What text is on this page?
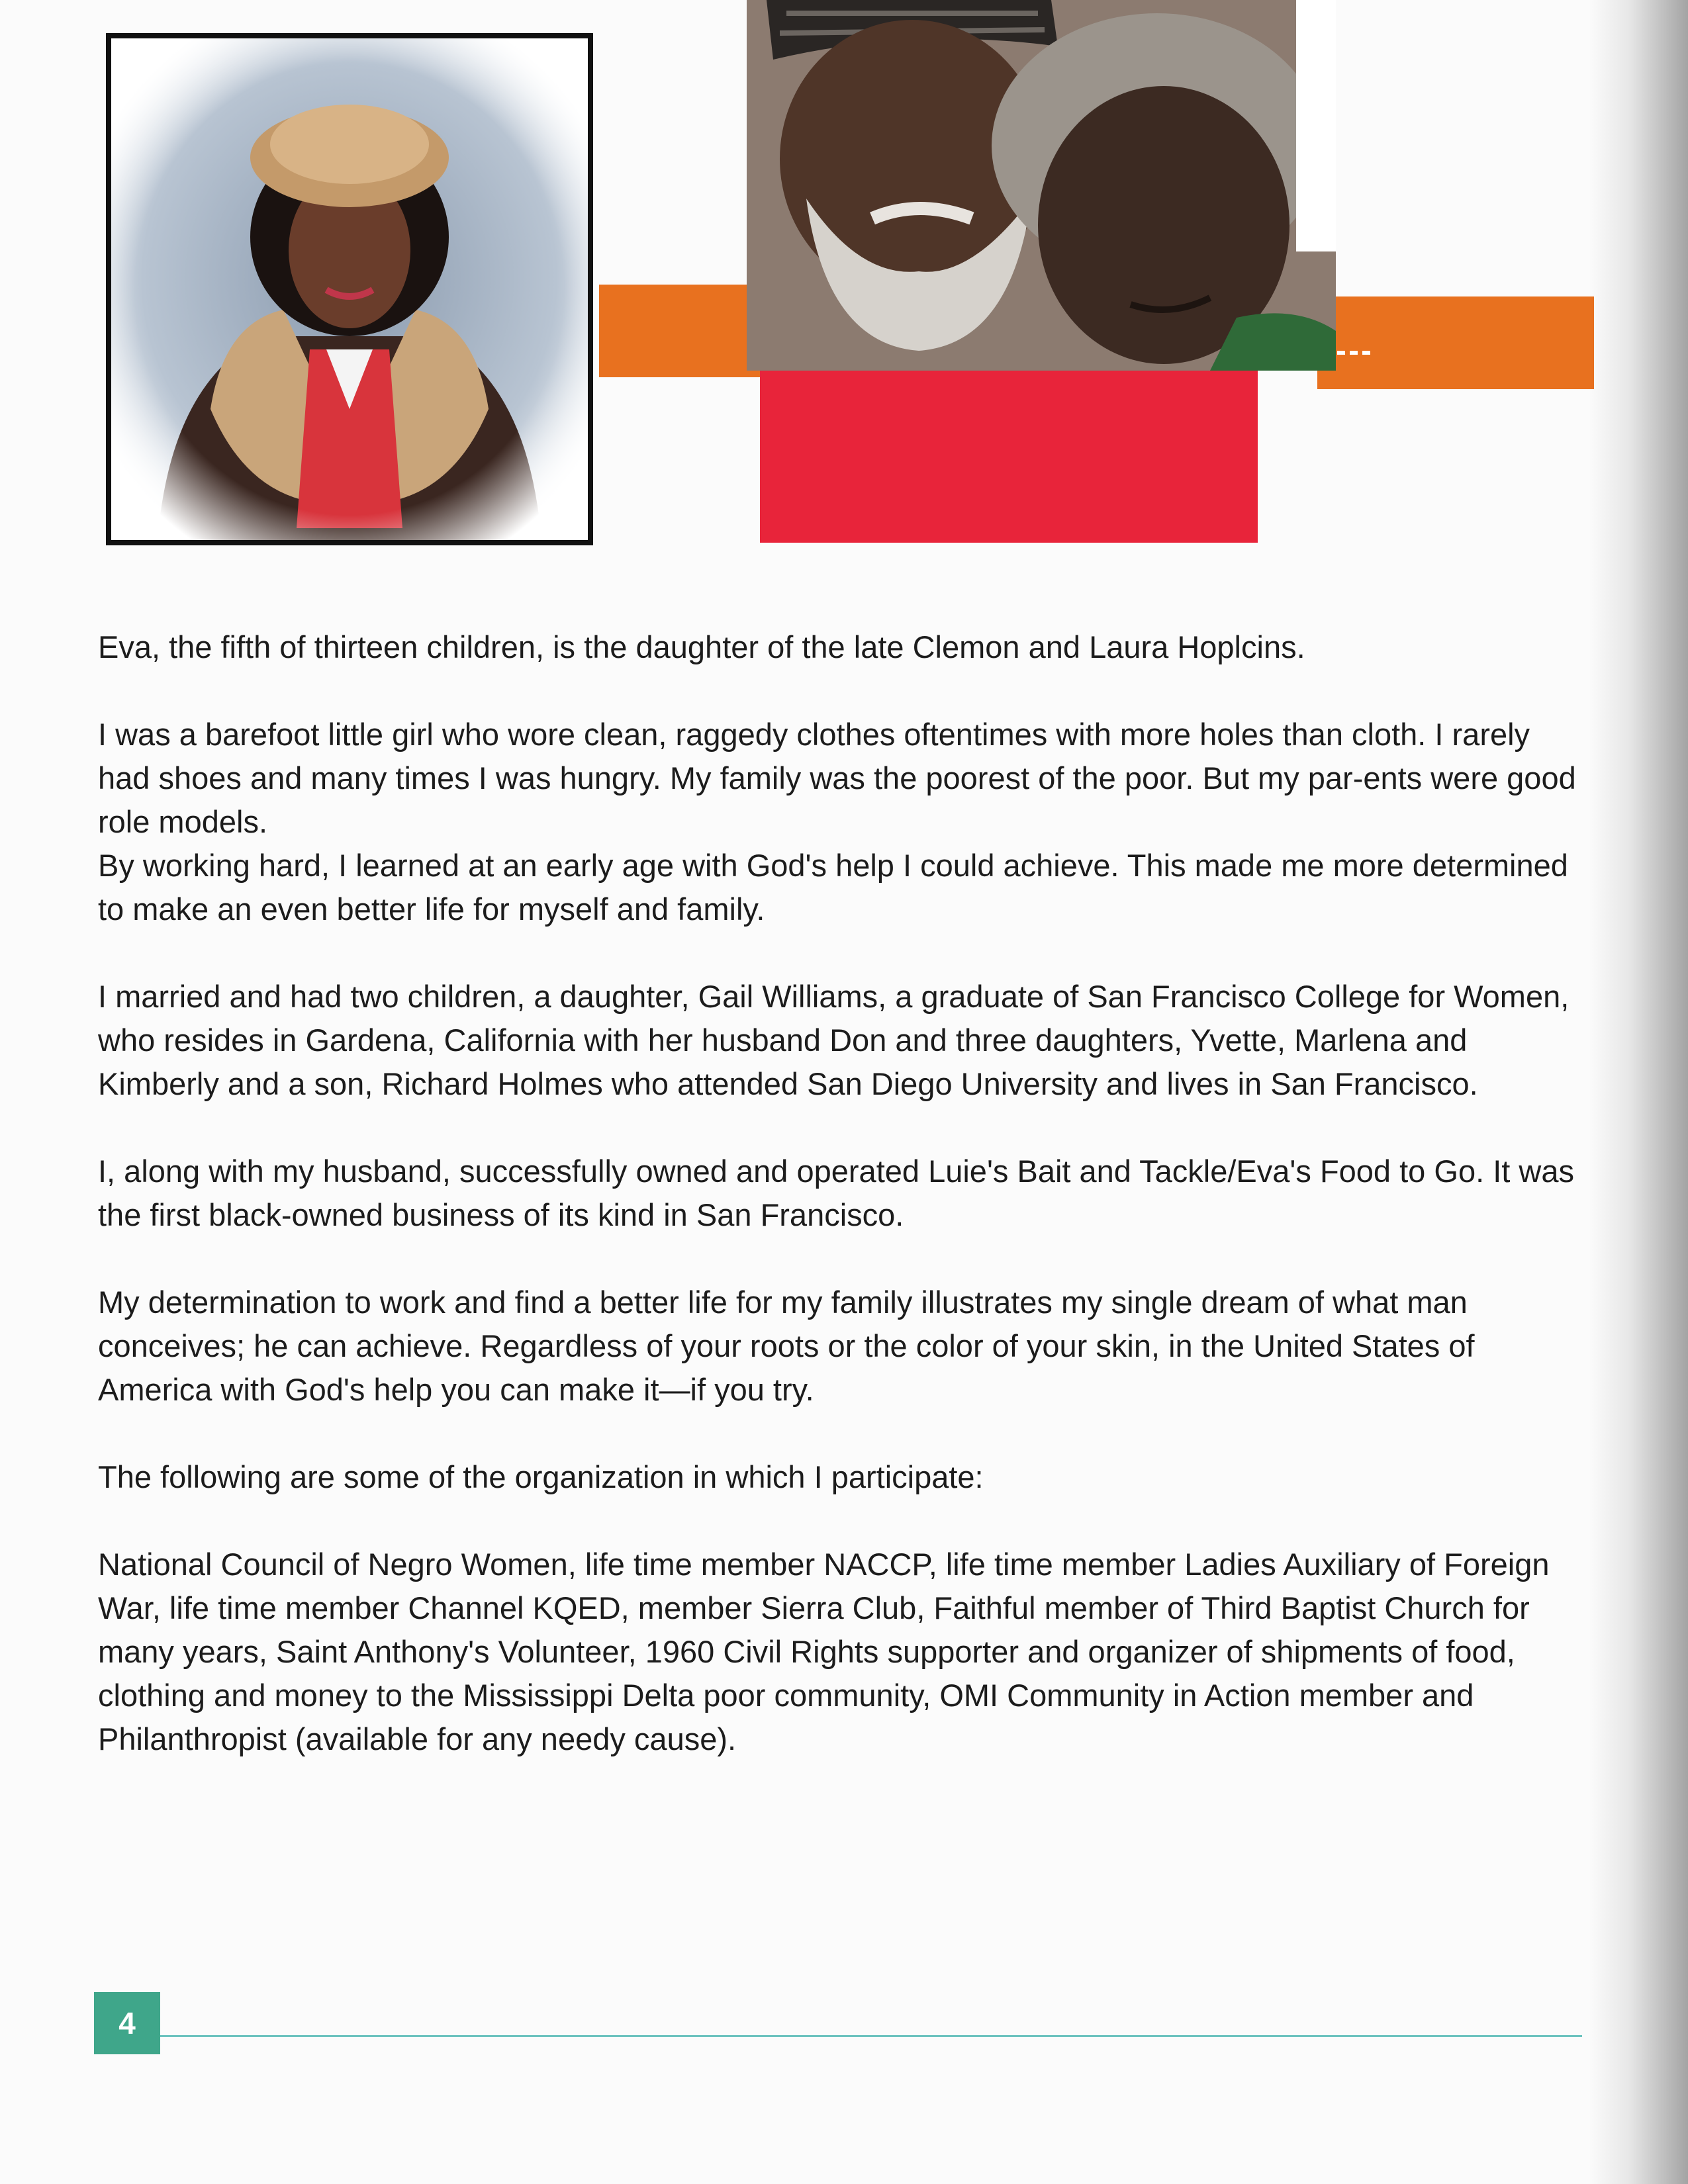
Eva, the fifth of thirteen children, is the daughter of the late Clemon and Laura Hoplcins.

I was a barefoot little girl who wore clean, raggedy clothes oftentimes with more holes than cloth. I rarely had shoes and many times I was hungry. My family was the poorest of the poor. But my par-ents were good role models.

By working hard, I learned at an early age with God's help I could achieve. This made me more determined to make an even better life for myself and family.

I married and had two children, a daughter, Gail Williams, a graduate of San Francisco College for Women, who resides in Gardena, California with her husband Don and three daughters, Yvette, Marlena and Kimberly and a son, Richard Holmes who attended San Diego University and lives in San Francisco.

I, along with my husband, successfully owned and operated Luie's Bait and Tackle/Eva's Food to Go. It was the first black-owned business of its kind in San Francisco.

My determination to work and find a better life for my family illustrates my single dream of what man conceives; he can achieve. Regardless of your roots or the color of your skin, in the United States of America with God's help you can make it—if you try.

The following are some of the organization in which I participate:

National Council of Negro Women, life time member NACCP, life time member Ladies Auxiliary of Foreign War, life time member Channel KQED, member Sierra Club, Faithful member of Third Baptist Church for many years, Saint Anthony's Volunteer, 1960 Civil Rights supporter and organizer of shipments of food, clothing and money to the Mississippi Delta poor community, OMI Community in Action member and Philanthropist (available for any needy cause).

4
